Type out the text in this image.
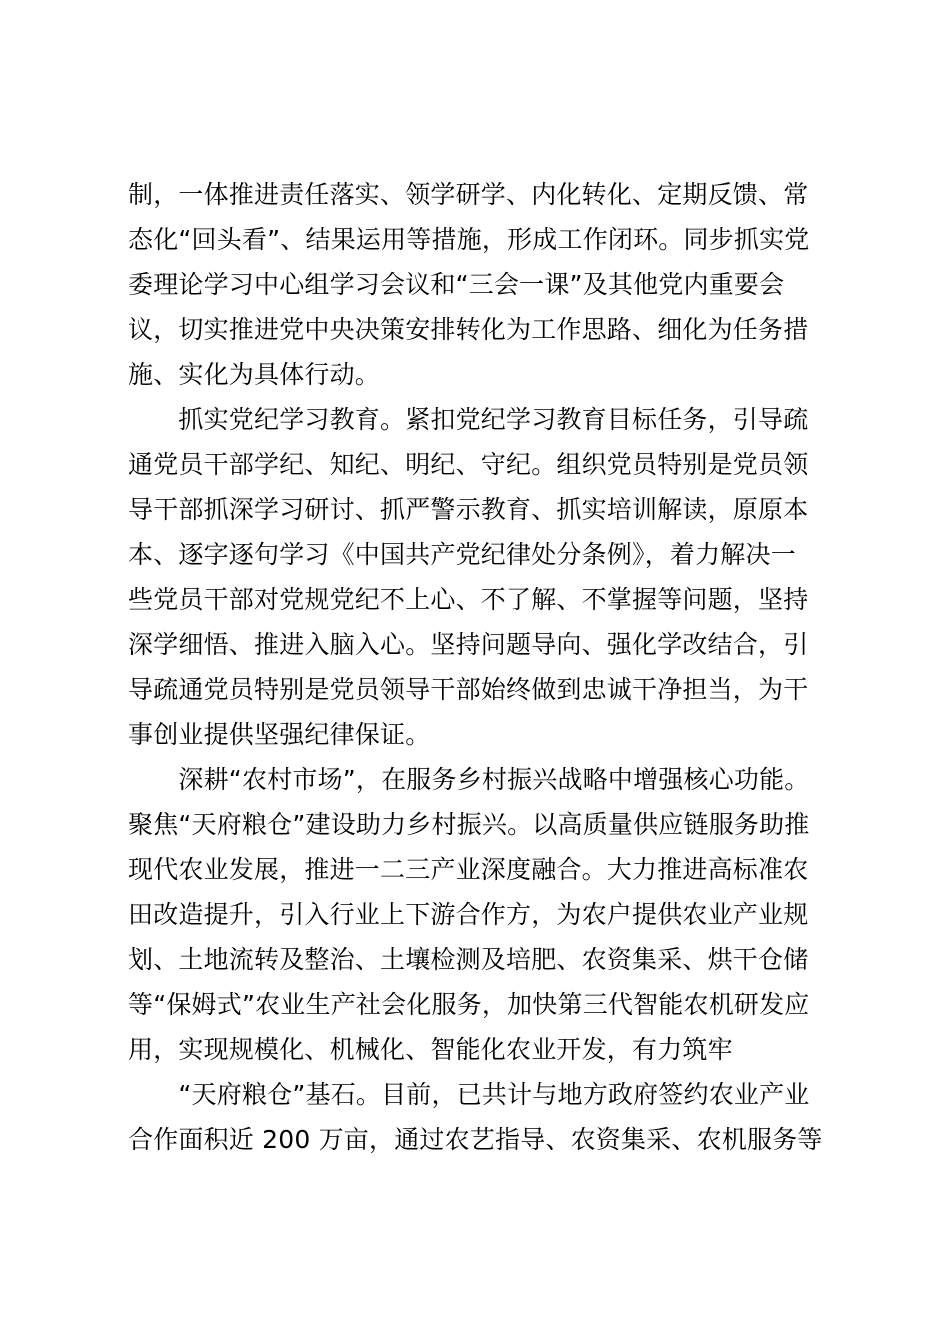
制，一体推进责任落实、领学研学、内化转化、定期反馈、常
态化“回头看”、结果运用等措施，形成工作闭环。同步抓实党
委理论学习中心组学习会议和“三会一课”及其他党内重要会
议，切实推进党中央决策安排转化为工作思路、细化为任务措
施、实化为具体行动。
　　抓实党纪学习教育。紧扣党纪学习教育目标任务，引导疏
通党员干部学纪、知纪、明纪、守纪。组织党员特别是党员领
导干部抓深学习研讨、抓严警示教育、抓实培训解读，原原本
本、逐字逐句学习《中国共产党纪律处分条例》，着力解决一
些党员干部对党规党纪不上心、不了解、不掌握等问题，坚持
深学细悟、推进入脑入心。坚持问题导向、强化学改结合，引
导疏通党员特别是党员领导干部始终做到忠诚干净担当，为干
事创业提供坚强纪律保证。
　　深耕“农村市场”，在服务乡村振兴战略中增强核心功能。
聚焦“天府粮仓”建设助力乡村振兴。以高质量供应链服务助推
现代农业发展，推进一二三产业深度融合。大力推进高标准农
田改造提升，引入行业上下游合作方，为农户提供农业产业规
划、土地流转及整治、土壤检测及培肥、农资集采、烘干仓储
等“保姆式”农业生产社会化服务，加快第三代智能农机研发应
用，实现规模化、机械化、智能化农业开发，有力筑牢
　　“天府粮仓”基石。目前，已共计与地方政府签约农业产业
合作面积近 200 万亩，通过农艺指导、农资集采、农机服务等
